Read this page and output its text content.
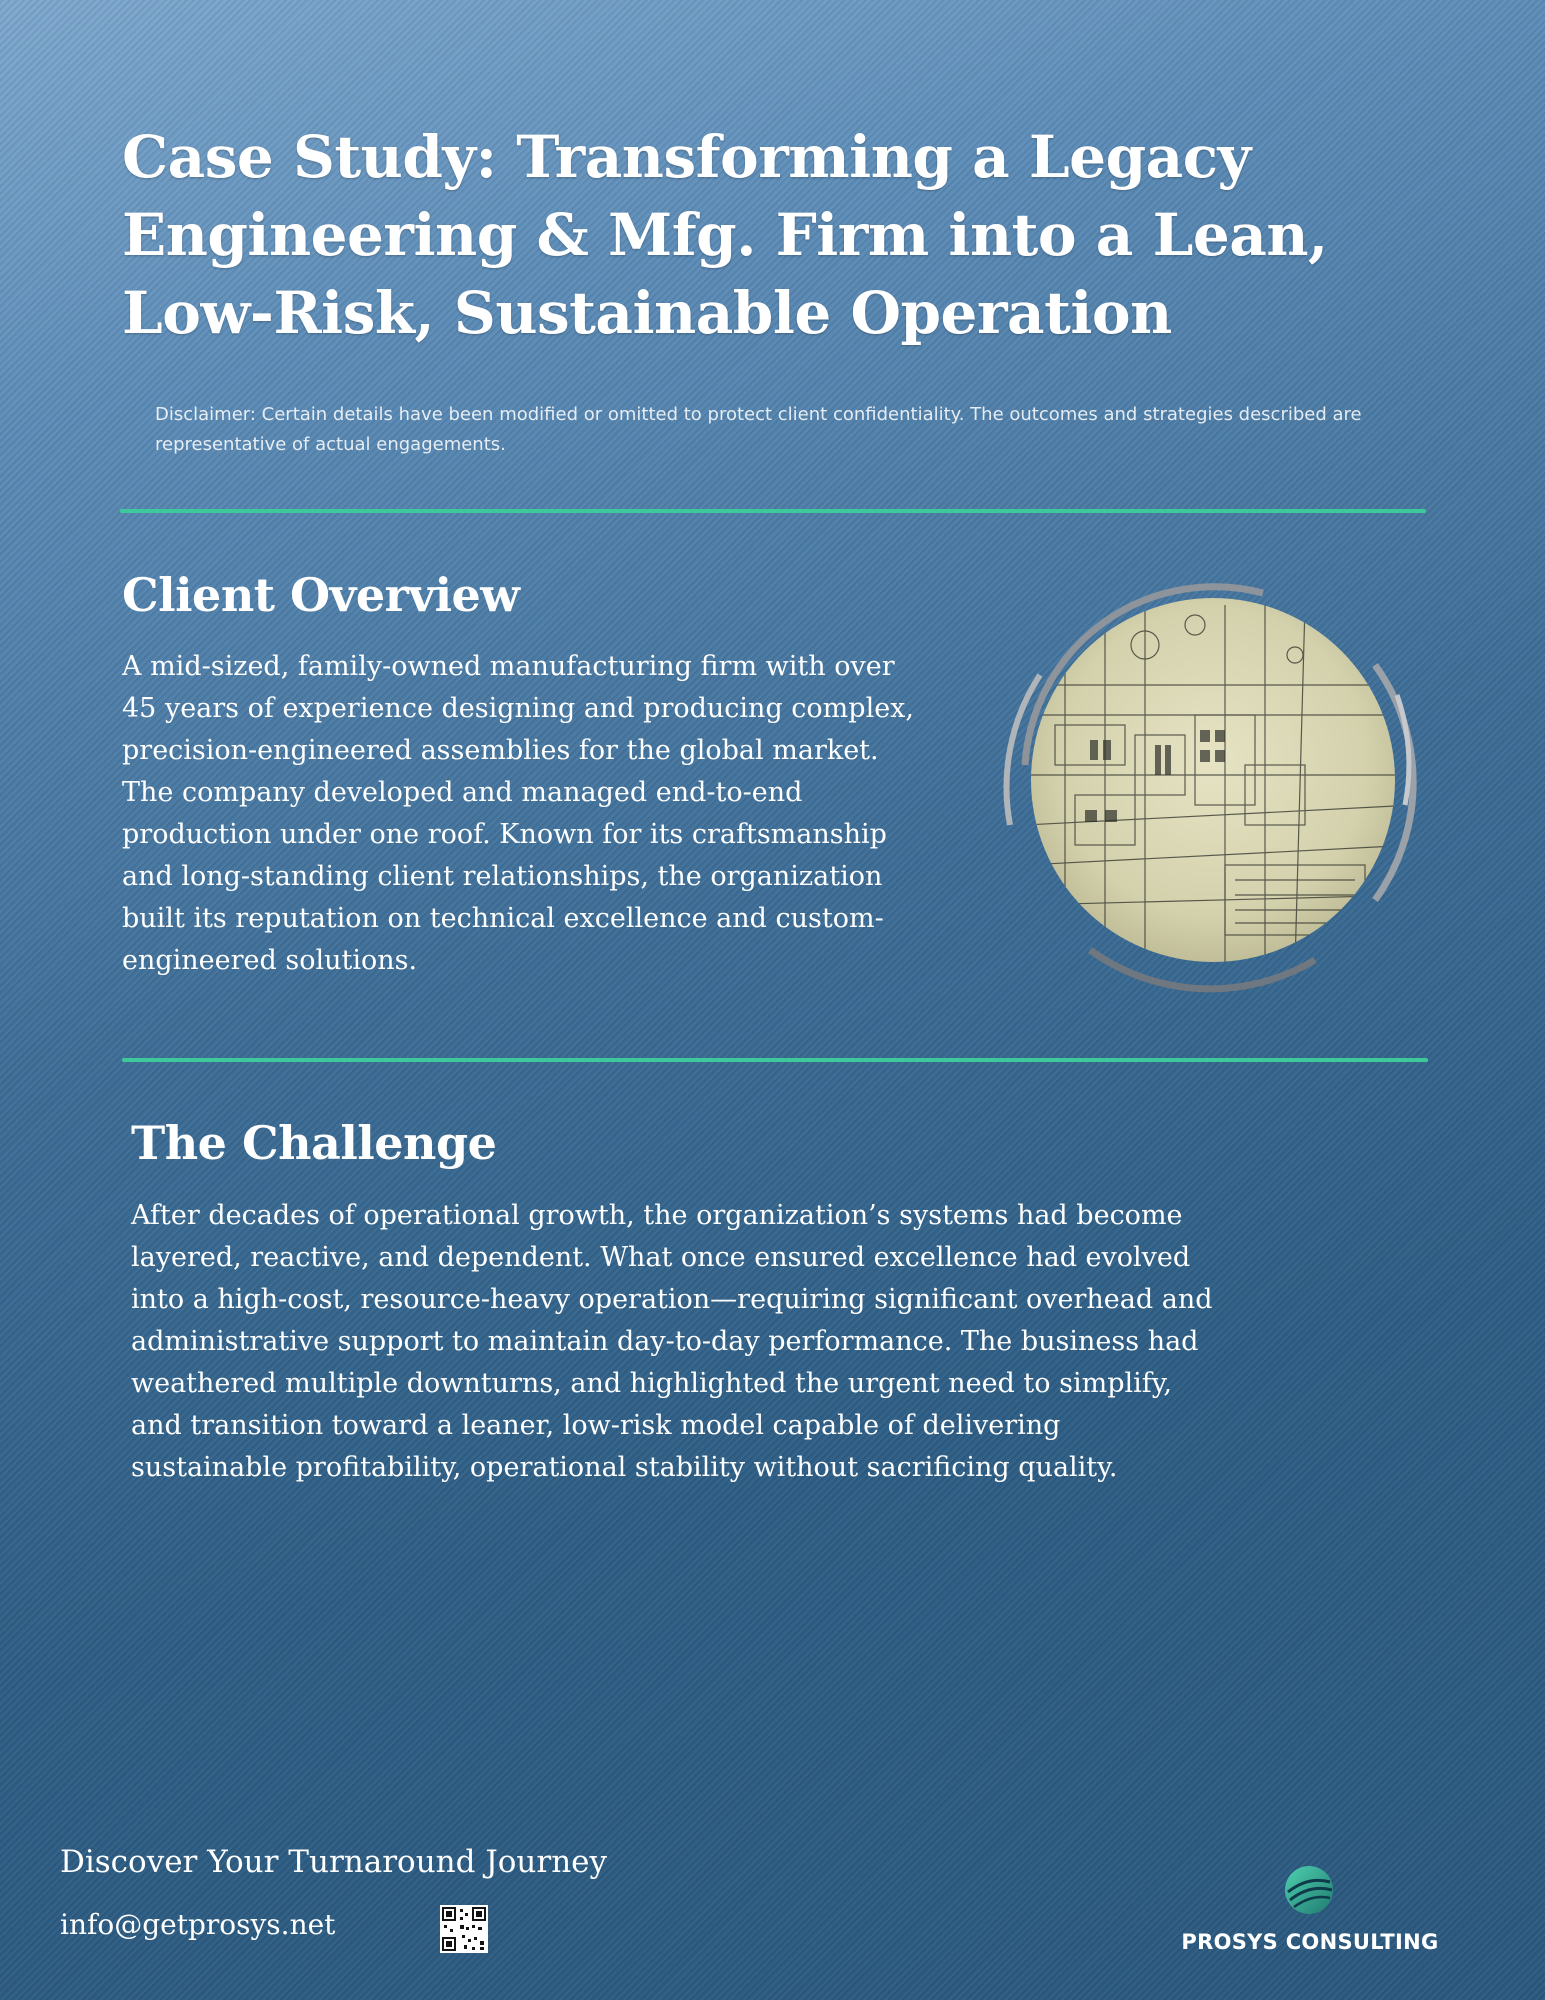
Case Study: Transforming a Legacy Engineering & Mfg. Firm into a Lean, Low-Risk, Sustainable Operation

Disclaimer: Certain details have been modified or omitted to protect client confidentiality. The outcomes and strategies described are representative of actual engagements.

Client Overview

A mid-sized, family-owned manufacturing firm with over 45 years of experience designing and producing complex, precision-engineered assemblies for the global market. The company developed and managed end-to-end production under one roof. Known for its craftsmanship and long-standing client relationships, the organization built its reputation on technical excellence and custom-engineered solutions.

The Challenge

After decades of operational growth, the organization’s systems had become layered, reactive, and dependent. What once ensured excellence had evolved into a high-cost, resource-heavy operation—requiring significant overhead and administrative support to maintain day-to-day performance. The business had weathered multiple downturns, and highlighted the urgent need to simplify, and transition toward a leaner, low-risk model capable of delivering sustainable profitability, operational stability without sacrificing quality.

Discover Your Turnaround Journey

info@getprosys.net

PROSYS CONSULTING
